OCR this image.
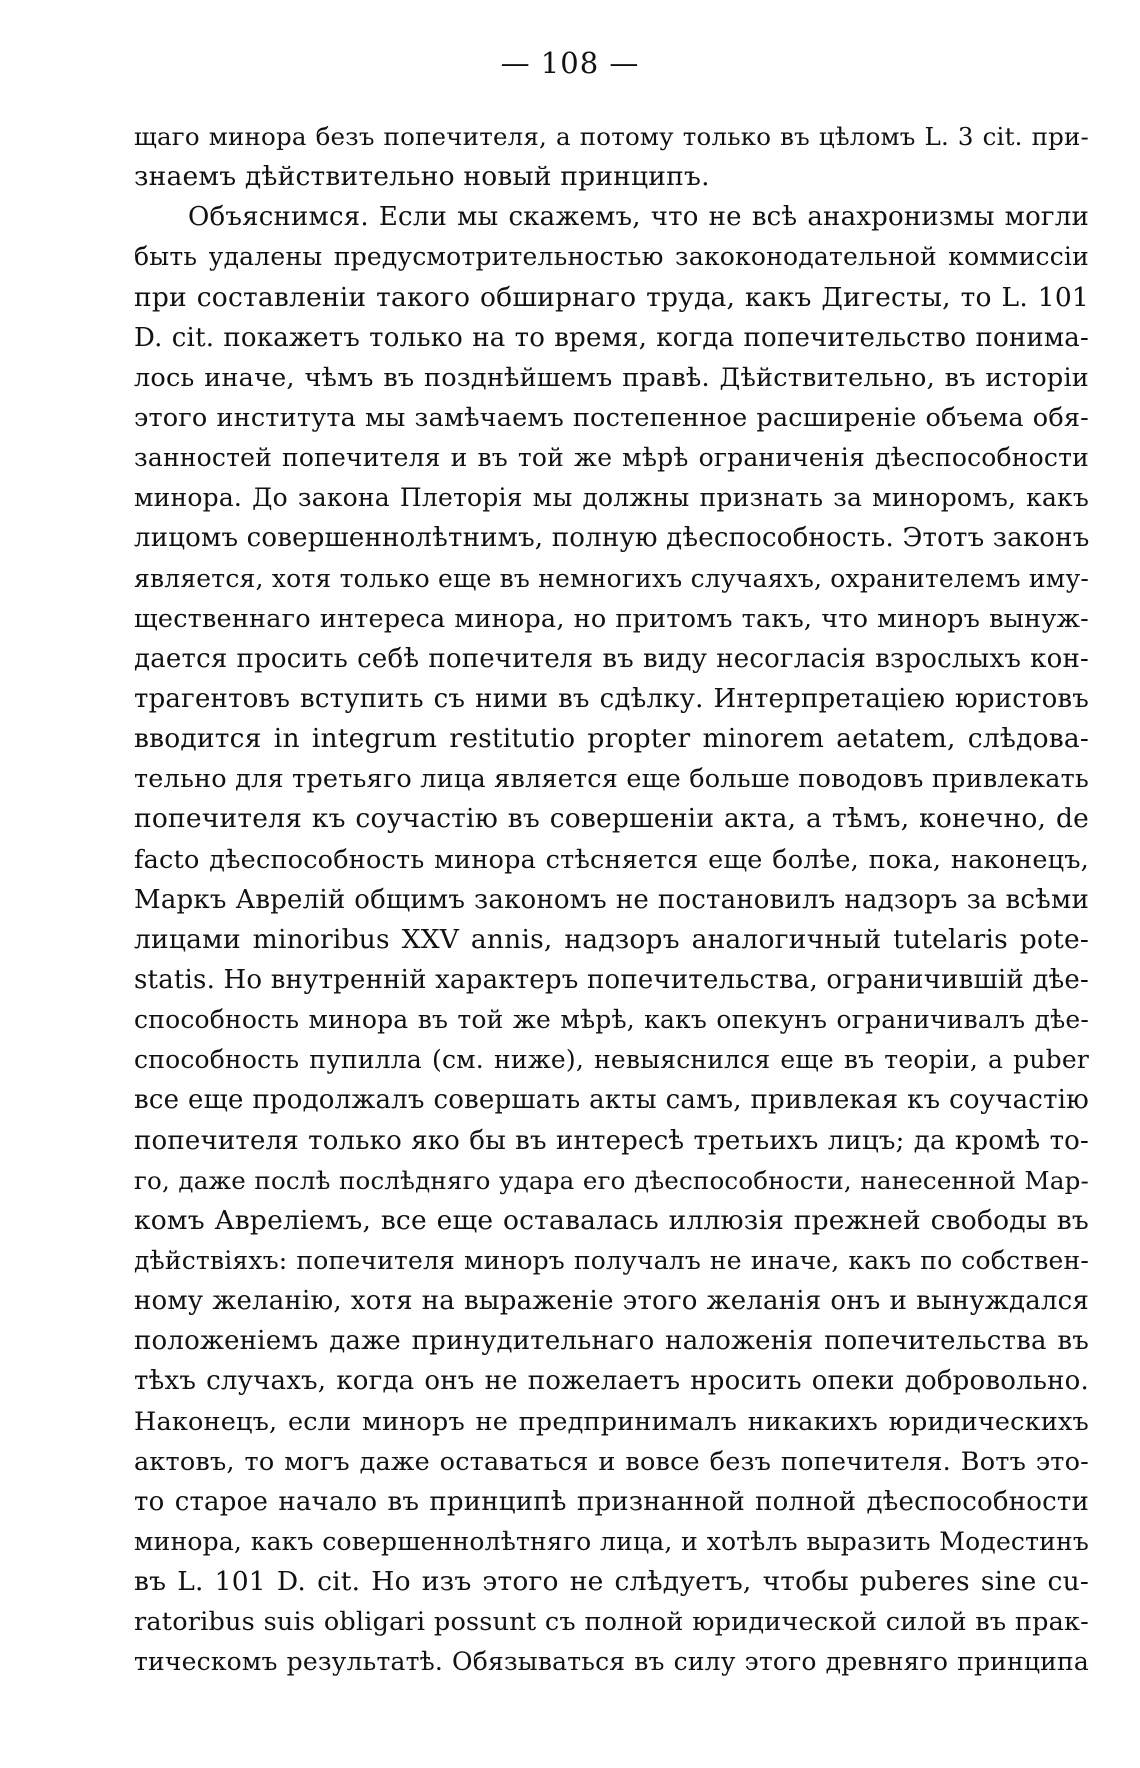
— 108 —
щаго минора безъ попечителя, а потому только въ цѣломъ L. 3 cit. при-
знаемъ дѣйствительно новый принципъ.
Объяснимся. Если мы скажемъ, что не всѣ анахронизмы могли
быть удалены предусмотрительностью закоконодательной коммиссіи
при составленіи такого обширнаго труда, какъ Дигесты, то L. 101
D. cit. покажетъ только на то время, когда попечительство понима-
лось иначе, чѣмъ въ позднѣйшемъ правѣ. Дѣйствительно, въ исторіи
этого института мы замѣчаемъ постепенное расширеніе объема обя-
занностей попечителя и въ той же мѣрѣ ограниченія дѣеспособности
минора. До закона Плеторія мы должны признать за миноромъ, какъ
лицомъ совершеннолѣтнимъ, полную дѣеспособность. Этотъ законъ
является, хотя только еще въ немногихъ случаяхъ, охранителемъ иму-
щественнаго интереса минора, но притомъ такъ, что миноръ вынуж-
дается просить себѣ попечителя въ виду несогласія взрослыхъ кон-
трагентовъ вступить съ ними въ сдѣлку. Интерпретаціею юристовъ
вводится in integrum restitutio propter minorem aetatem, слѣдова-
тельно для третьяго лица является еще больше поводовъ привлекать
попечителя къ соучастію въ совершеніи акта, а тѣмъ, конечно, de
facto дѣеспособность минора стѣсняется еще болѣе, пока, наконецъ,
Маркъ Аврелій общимъ закономъ не постановилъ надзоръ за всѣми
лицами minoribus XXV annis, надзоръ аналогичный tutelaris pote-
statis. Но внутренній характеръ попечительства, ограничившій дѣе-
способность минора въ той же мѣрѣ, какъ опекунъ ограничивалъ дѣе-
способность пупилла (см. ниже), невыяснился еще въ теоріи, а puber
все еще продолжалъ совершать акты самъ, привлекая къ соучастію
попечителя только яко бы въ интересѣ третьихъ лицъ; да кромѣ то-
го, даже послѣ послѣдняго удара его дѣеспособности, нанесенной Мар-
комъ Авреліемъ, все еще оставалась иллюзія прежней свободы въ
дѣйствіяхъ: попечителя миноръ получалъ не иначе, какъ по собствен-
ному желанію, хотя на выраженіе этого желанія онъ и вынуждался
положеніемъ даже принудительнаго наложенія попечительства въ
тѣхъ случахъ, когда онъ не пожелаетъ нросить опеки добровольно.
Наконецъ, если миноръ не предпринималъ никакихъ юридическихъ
актовъ, то могъ даже оставаться и вовсе безъ попечителя. Вотъ это-
то старое начало въ принципѣ признанной полной дѣеспособности
минора, какъ совершеннолѣтняго лица, и хотѣлъ выразить Модестинъ
въ L. 101 D. cit. Но изъ этого не слѣдуетъ, чтобы puberes sine cu-
ratoribus suis obligari possunt съ полной юридической силой въ прак-
тическомъ результатѣ. Обязываться въ силу этого древняго принципа
